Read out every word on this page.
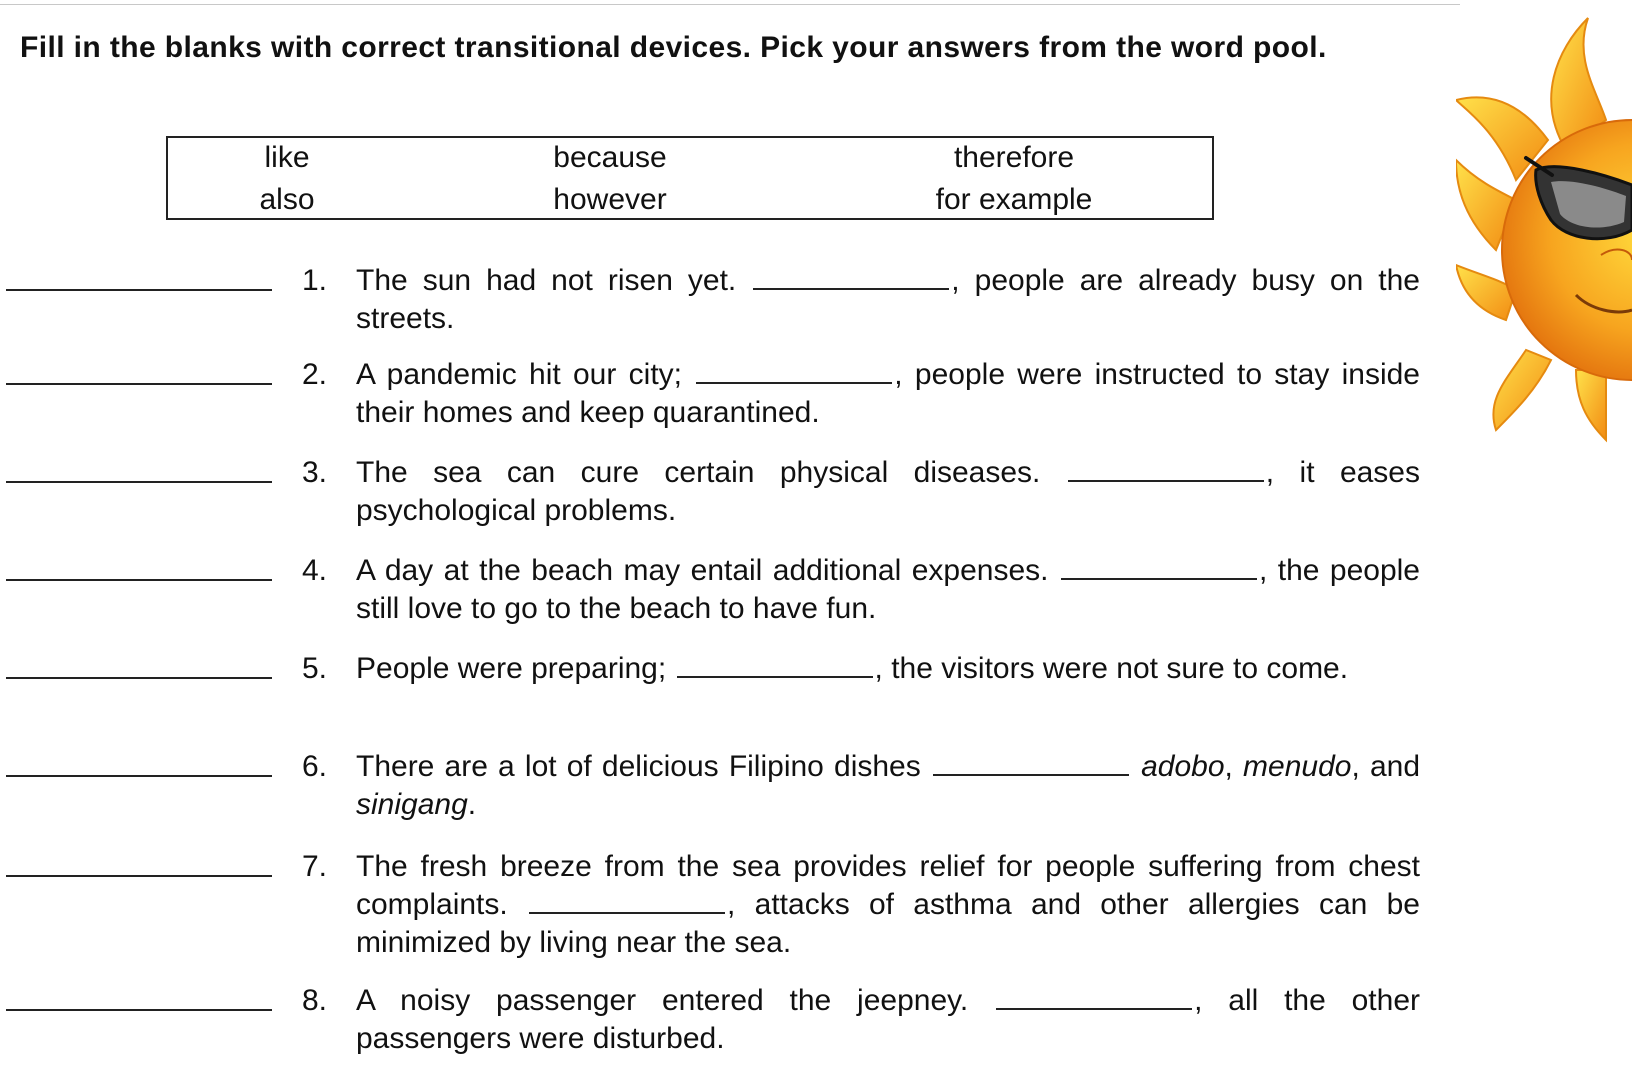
Fill in the blanks with correct transitional devices. Pick your answers from the word pool.
like	because	therefore
also	however	for example
1. The sun had not risen yet.	, people are already busy on the streets.
2. A pandemic hit our city;	, people were instructed to stay inside their homes and keep quarantined.
3. The sea can cure certain physical diseases.	, it eases psychological problems.
4. A day at the beach may entail additional expenses.	, the people still love to go to the beach to have fun.
5. People were preparing;	, the visitors were not sure to come.
6. There are a lot of delicious Filipino dishes	adobo, menudo, and sinigang.
7. The fresh breeze from the sea provides relief for people suffering from chest complaints.	, attacks of asthma and other allergies can be minimized by living near the sea.
8. A noisy passenger entered the jeepney.	, all the other passengers were disturbed.
